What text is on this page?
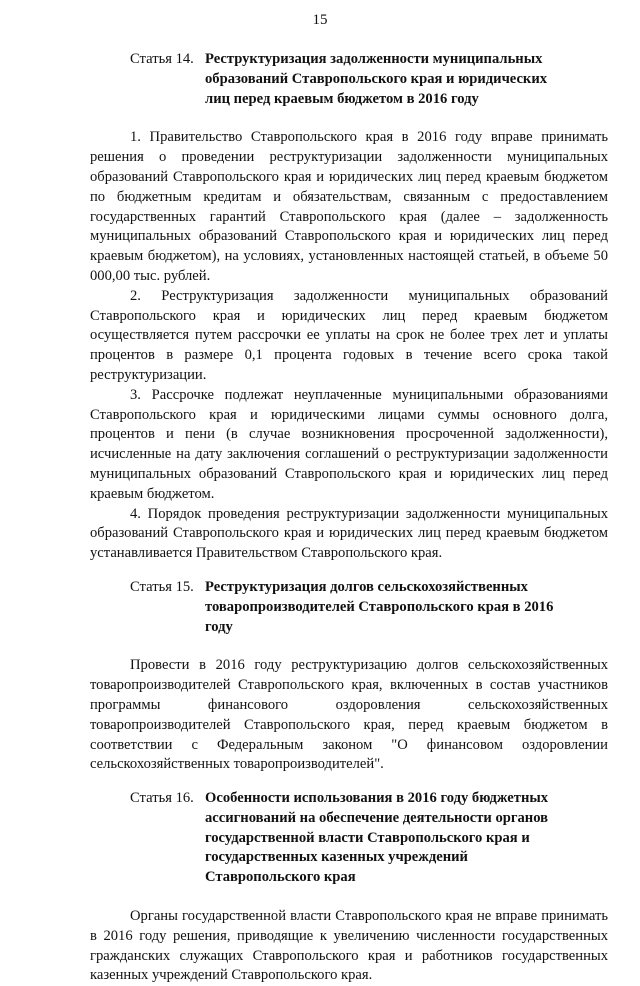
15
Статья 14. Реструктуризация задолженности муниципальных образований Ставропольского края и юридических лиц перед краевым бюджетом в 2016 году

1. Правительство Ставропольского края в 2016 году вправе принимать решения о проведении реструктуризации задолженности муниципальных образований Ставропольского края и юридических лиц перед краевым бюджетом по бюджетным кредитам и обязательствам, связанным с предоставлением государственных гарантий Ставропольского края (далее – задолженность муниципальных образований Ставропольского края и юридических лиц перед краевым бюджетом), на условиях, установленных настоящей статьей, в объеме 50 000,00 тыс. рублей.

2. Реструктуризация задолженности муниципальных образований Ставропольского края и юридических лиц перед краевым бюджетом осуществляется путем рассрочки ее уплаты на срок не более трех лет и уплаты процентов в размере 0,1 процента годовых в течение всего срока такой реструктуризации.

3. Рассрочке подлежат неуплаченные муниципальными образованиями Ставропольского края и юридическими лицами суммы основного долга, процентов и пени (в случае возникновения просроченной задолженности), исчисленные на дату заключения соглашений о реструктуризации задолженности муниципальных образований Ставропольского края и юридических лиц перед краевым бюджетом.

4. Порядок проведения реструктуризации задолженности муниципальных образований Ставропольского края и юридических лиц перед краевым бюджетом устанавливается Правительством Ставропольского края.

Статья 15. Реструктуризация долгов сельскохозяйственных товаропроизводителей Ставропольского края в 2016 году

Провести в 2016 году реструктуризацию долгов сельскохозяйственных товаропроизводителей Ставропольского края, включенных в состав участников программы финансового оздоровления сельскохозяйственных товаропроизводителей Ставропольского края, перед краевым бюджетом в соответствии с Федеральным законом "О финансовом оздоровлении сельскохозяйственных товаропроизводителей".

Статья 16. Особенности использования в 2016 году бюджетных ассигнований на обеспечение деятельности органов государственной власти Ставропольского края и государственных казенных учреждений Ставропольского края

Органы государственной власти Ставропольского края не вправе принимать в 2016 году решения, приводящие к увеличению численности государственных гражданских служащих Ставропольского края и работников государственных казенных учреждений Ставропольского края.
